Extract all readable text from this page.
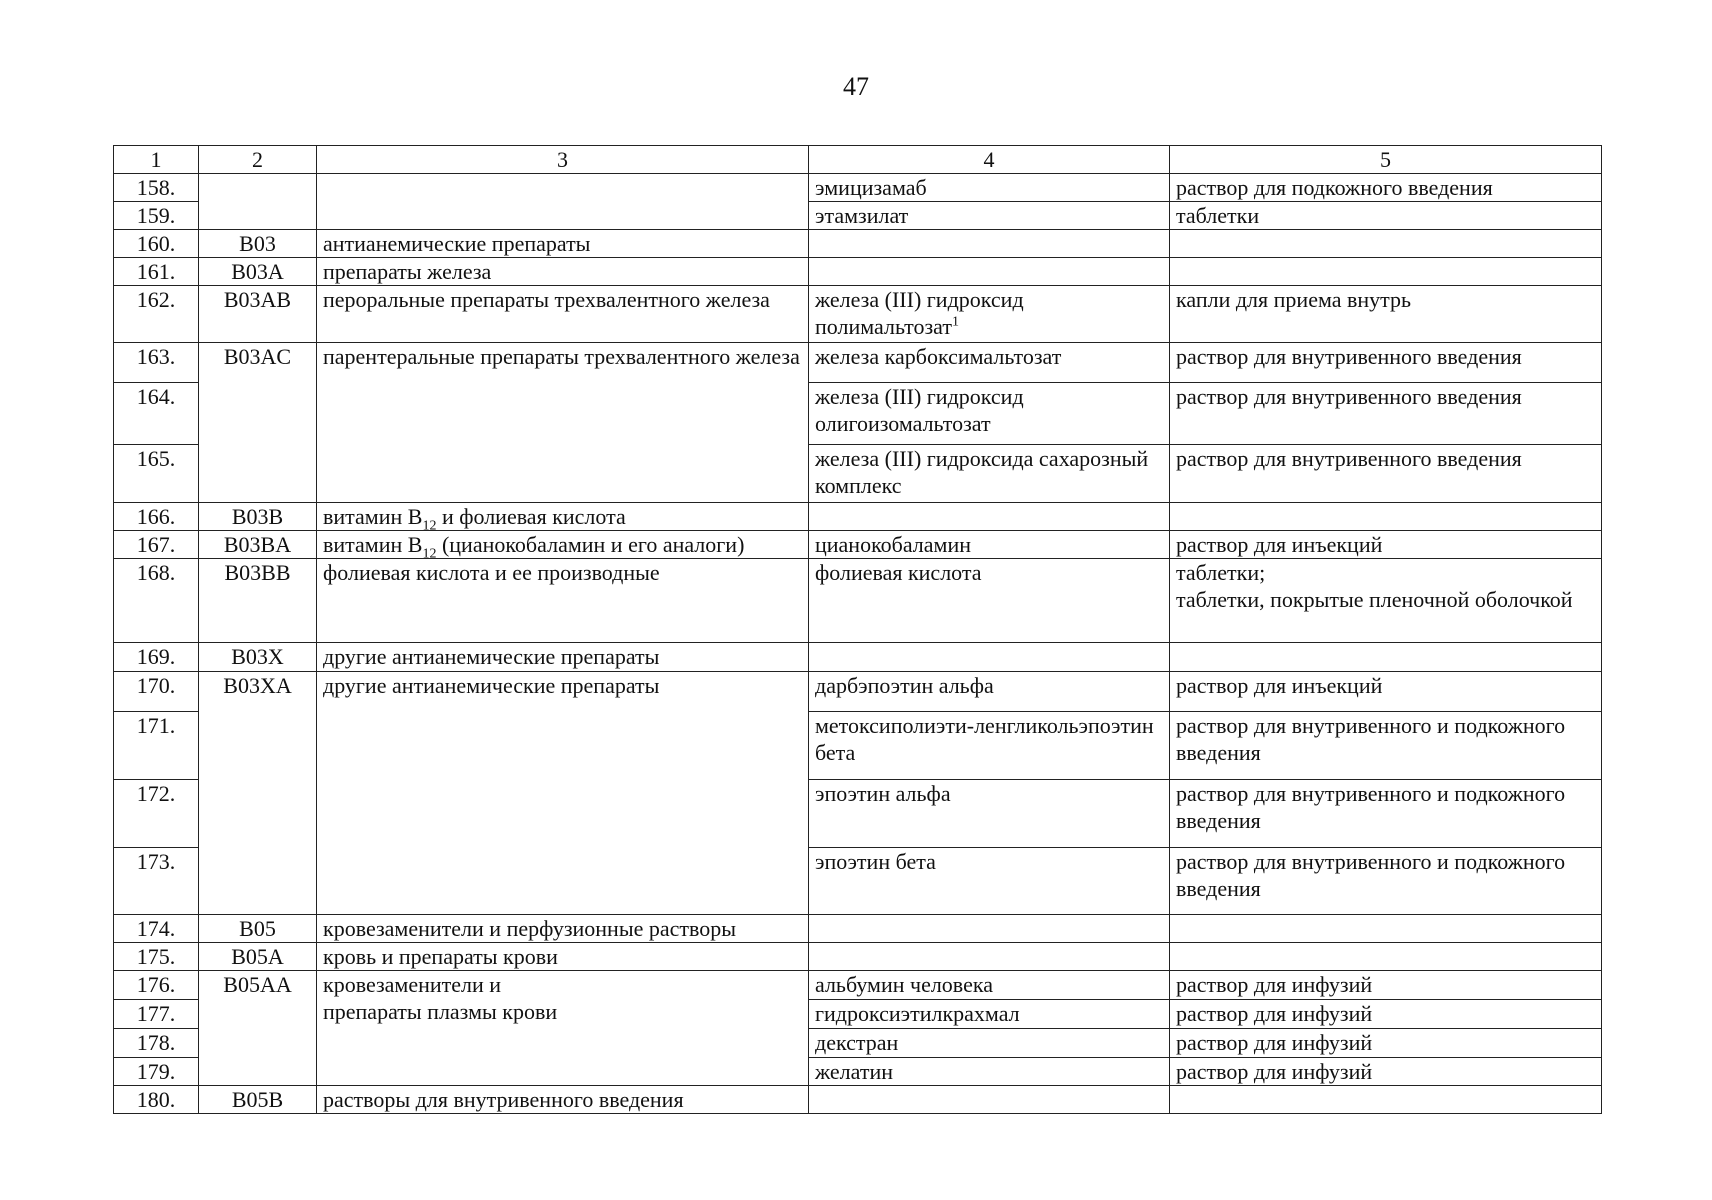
47
1	2	3	4	5
158.			эмицизамаб	раствор для подкожного введения
159.			этамзилат	таблетки
160.	B03	антианемические препараты		
161.	B03A	препараты железа		
162.	B03AB	пероральные препараты трехвалентного железа	железа (III) гидроксид полимальтозат$^1$	капли для приема внутрь
163.	B03AC	парентеральные препараты трехвалентного железа	железа карбоксимальтозат	раствор для внутривенного введения
164.			железа (III) гидроксид олигоизомальтозат	раствор для внутривенного введения
165.			железа (III) гидроксида сахарозный комплекс	раствор для внутривенного введения
166.	B03B	витамин $B_{12}$ и фолиевая кислота		
167.	B03BA	витамин $B_{12}$ (цианокобаламин и его аналоги)	цианокобаламин	раствор для инъекций
168.	B03BB	фолиевая кислота и ее производные	фолиевая кислота	таблетки;
таблетки, покрытые пленочной оболочкой

169.	B03X	другие антианемические препараты		
170.	B03XA	другие антианемические препараты	дарбэпоэтин альфа	раствор для инъекций
171.			метоксиполиэти-ленгликольэпоэтин бета	раствор для внутривенного и подкожного введения
172.			эпоэтин альфа	раствор для внутривенного и подкожного введения
173.			эпоэтин бета	раствор для внутривенного и подкожного введения
174.	B05	кровезаменители и перфузионные растворы		
175.	B05A	кровь и препараты крови		
176.	B05AA	кровезаменители и
препараты плазмы крови	альбумин человека	раствор для инфузий
177.			гидроксиэтилкрахмал	раствор для инфузий
178.			декстран	раствор для инфузий
179.			желатин	раствор для инфузий
180.	B05B	растворы для внутривенного введения		
